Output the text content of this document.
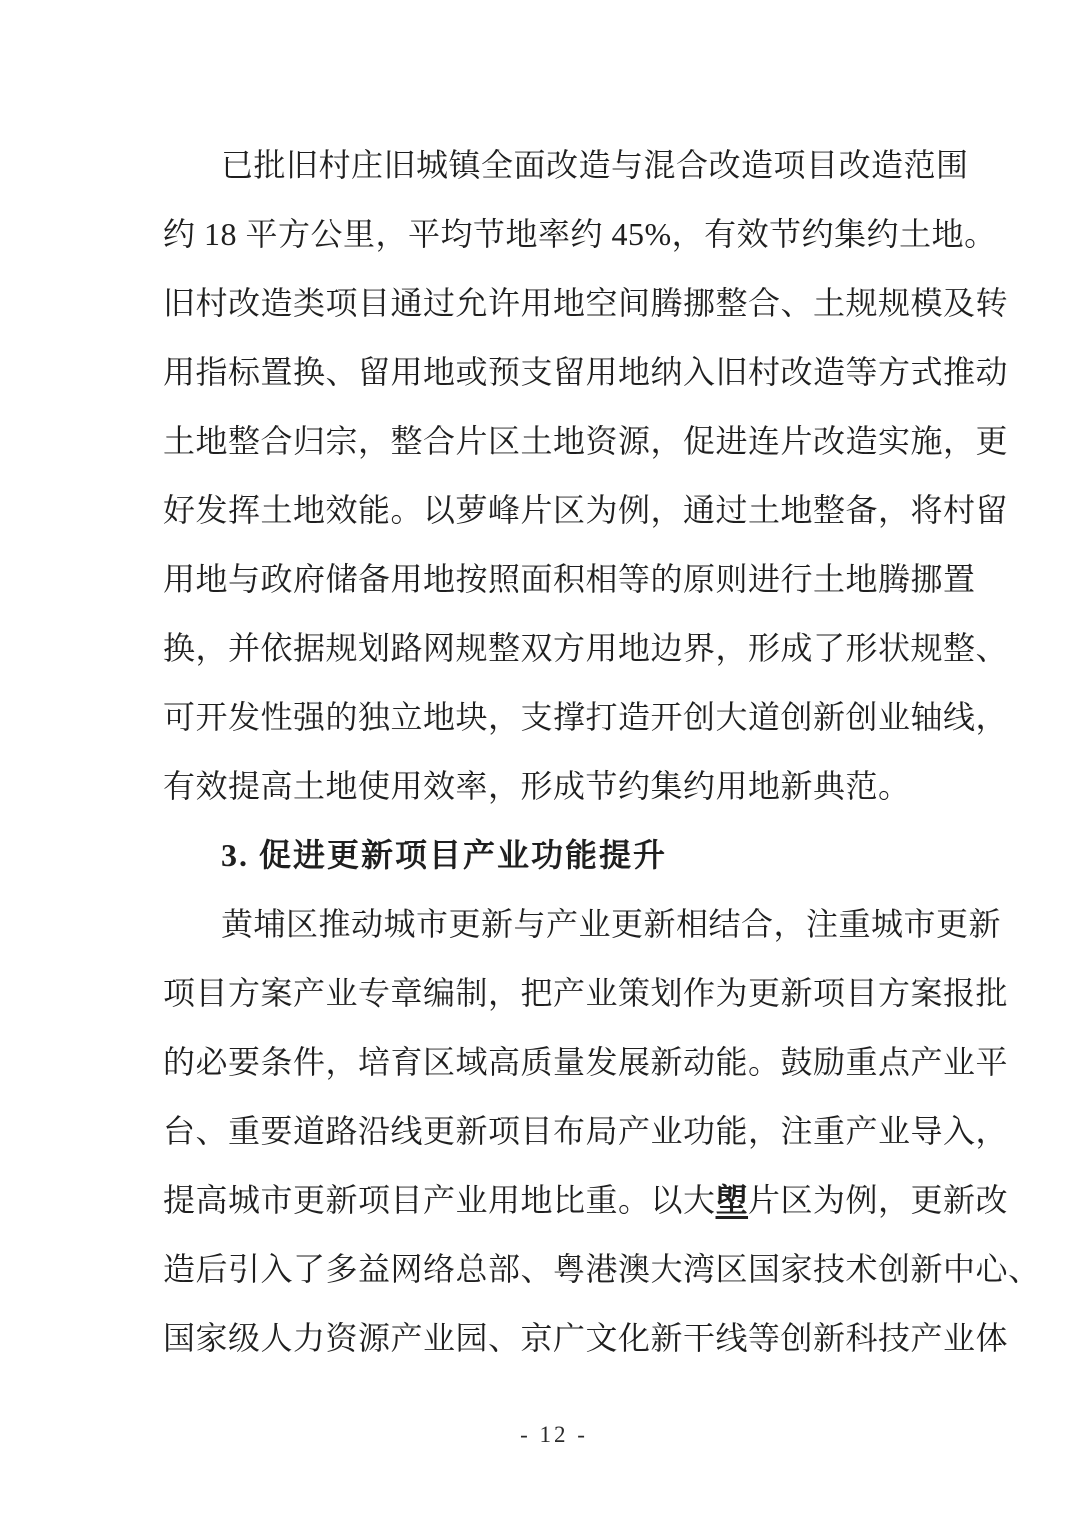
已批旧村庄旧城镇全面改造与混合改造项目改造范围
约 18 平方公里，平均节地率约 45%，有效节约集约土地。
旧村改造类项目通过允许用地空间腾挪整合、土规规模及转
用指标置换、留用地或预支留用地纳入旧村改造等方式推动
土地整合归宗，整合片区土地资源，促进连片改造实施，更
好发挥土地效能。以萝峰片区为例，通过土地整备，将村留
用地与政府储备用地按照面积相等的原则进行土地腾挪置
换，并依据规划路网规整双方用地边界，形成了形状规整、
可开发性强的独立地块，支撑打造开创大道创新创业轴线，
有效提高土地使用效率，形成节约集约用地新典范。
3. 促进更新项目产业功能提升
黄埔区推动城市更新与产业更新相结合，注重城市更新
项目方案产业专章编制，把产业策划作为更新项目方案报批
的必要条件，培育区域高质量发展新动能。鼓励重点产业平
台、重要道路沿线更新项目布局产业功能，注重产业导入，
提高城市更新项目产业用地比重。以大塱片区为例，更新改
造后引入了多益网络总部、粤港澳大湾区国家技术创新中心、
国家级人力资源产业园、京广文化新干线等创新科技产业体
- 12 -
